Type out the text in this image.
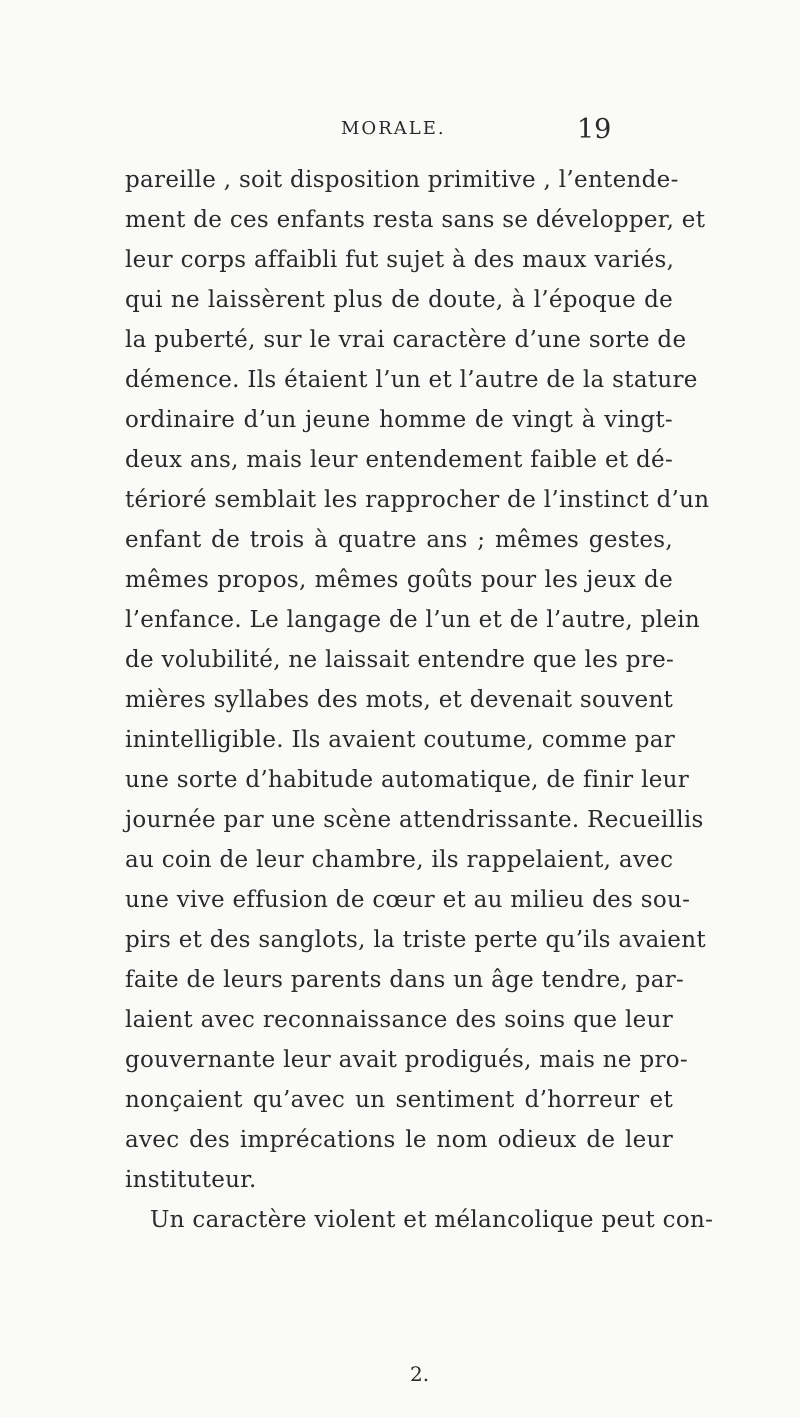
MORALE.	19
pareille , soit disposition primitive , l’entende-
ment de ces enfants resta sans se développer, et
leur corps affaibli fut sujet à des maux variés,
qui ne laissèrent plus de doute, à l’époque de
la puberté, sur le vrai caractère d’une sorte de
démence. Ils étaient l’un et l’autre de la stature
ordinaire d’un jeune homme de vingt à vingt-
deux ans, mais leur entendement faible et dé-
térioré semblait les rapprocher de l’instinct d’un
enfant de trois à quatre ans ; mêmes gestes,
mêmes propos, mêmes goûts pour les jeux de
l’enfance. Le langage de l’un et de l’autre, plein
de volubilité, ne laissait entendre que les pre-
mières syllabes des mots, et devenait souvent
inintelligible. Ils avaient coutume, comme par
une sorte d’habitude automatique, de finir leur
journée par une scène attendrissante. Recueillis
au coin de leur chambre, ils rappelaient, avec
une vive effusion de cœur et au milieu des sou-
pirs et des sanglots, la triste perte qu’ils avaient
faite de leurs parents dans un âge tendre, par-
laient avec reconnaissance des soins que leur
gouvernante leur avait prodigués, mais ne pro-
nonçaient qu’avec un sentiment d’horreur et
avec des imprécations le nom odieux de leur
instituteur.
Un caractère violent et mélancolique peut con-
2.
